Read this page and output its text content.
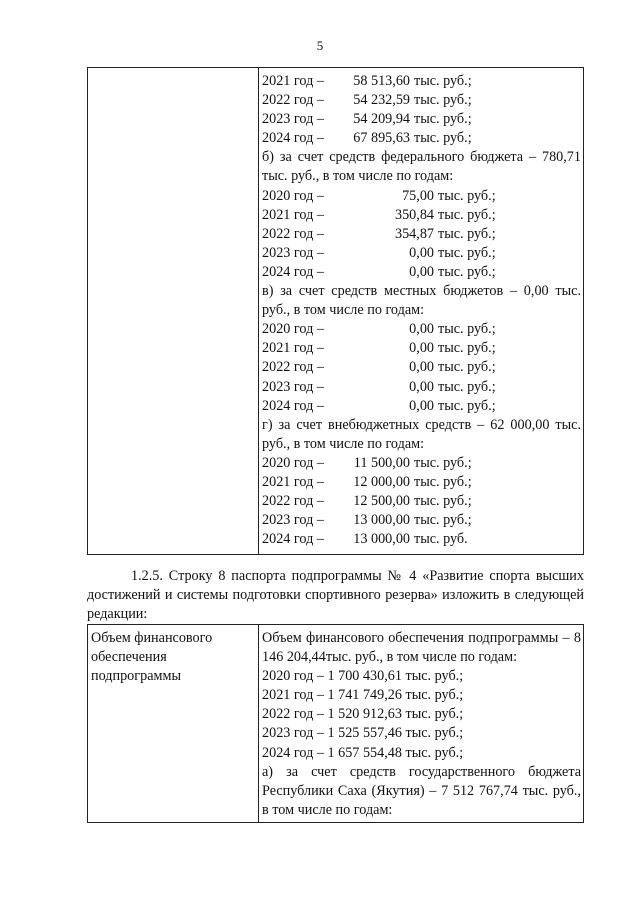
5

2021 год – 58 513,60 тыс. руб.;
2022 год – 54 232,59 тыс. руб.;
2023 год – 54 209,94 тыс. руб.;
2024 год – 67 895,63 тыс. руб.;
б) за счет средств федерального бюджета – 780,71 тыс. руб., в том числе по годам:
2020 год –	75,00 тыс. руб.;
2021 год –	350,84 тыс. руб.;
2022 год –	354,87 тыс. руб.;
2023 год –	0,00 тыс. руб.;
2024 год –	0,00 тыс. руб.;
в) за счет средств местных бюджетов – 0,00 тыс. руб., в том числе по годам:
2020 год –	0,00 тыс. руб.;
2021 год –	0,00 тыс. руб.;
2022 год –	0,00 тыс. руб.;
2023 год –	0,00 тыс. руб.;
2024 год –	0,00 тыс. руб.;
г) за счет внебюджетных средств – 62 000,00 тыс. руб., в том числе по годам:
2020 год – 11 500,00 тыс. руб.;
2021 год – 12 000,00 тыс. руб.;
2022 год – 12 500,00 тыс. руб.;
2023 год – 13 000,00 тыс. руб.;
2024 год – 13 000,00 тыс. руб.
1.2.5. Строку 8 паспорта подпрограммы № 4 «Развитие спорта высших достижений и системы подготовки спортивного резерва» изложить в следующей редакции:
Объем финансового
обеспечения
подпрограммы

Объем финансового обеспечения подпрограммы – 8 146 204,44тыс. руб., в том числе по годам:
2020 год – 1 700 430,61 тыс. руб.;
2021 год – 1 741 749,26 тыс. руб.;
2022 год – 1 520 912,63 тыс. руб.;
2023 год – 1 525 557,46 тыс. руб.;
2024 год – 1 657 554,48 тыс. руб.;
а) за счет средств государственного бюджета Республики Саха (Якутия) – 7 512 767,74 тыс. руб., в том числе по годам:
